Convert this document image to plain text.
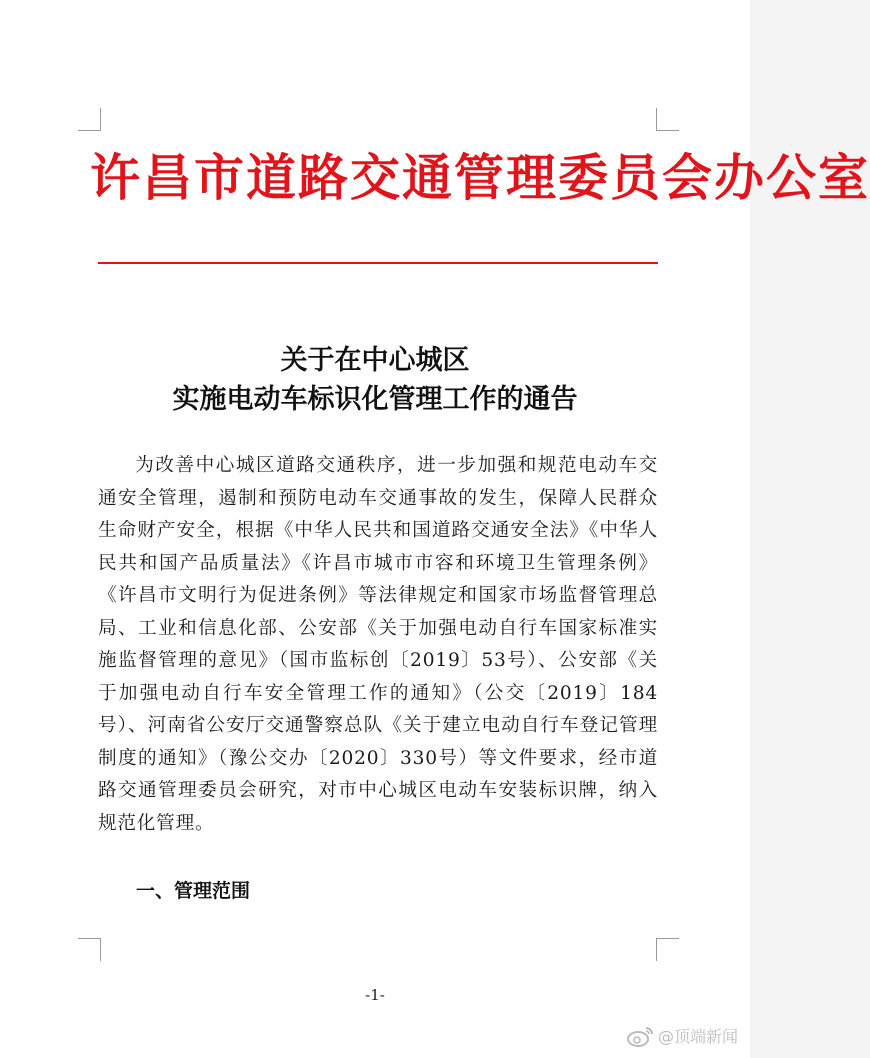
许昌市道路交通管理委员会办公室
关于在中心城区
实施电动车标识化管理工作的通告

为改善中心城区道路交通秩序，进一步加强和规范电动车交通安全管理，遏制和预防电动车交通事故的发生，保障人民群众生命财产安全，根据《中华人民共和国道路交通安全法》《中华人民共和国产品质量法》《许昌市城市市容和环境卫生管理条例》《许昌市文明行为促进条例》等法律规定和国家市场监督管理总局、工业和信息化部、公安部《关于加强电动自行车国家标准实施监督管理的意见》（国市监标创〔2019〕53号）、公安部《关于加强电动自行车安全管理工作的通知》（公交〔2019〕184号）、河南省公安厅交通警察总队《关于建立电动自行车登记管理制度的通知》（豫公交办〔2020〕330号）等文件要求，经市道路交通管理委员会研究，对市中心城区电动车安装标识牌，纳入规范化管理。

一、管理范围
-1-
@顶端新闻
